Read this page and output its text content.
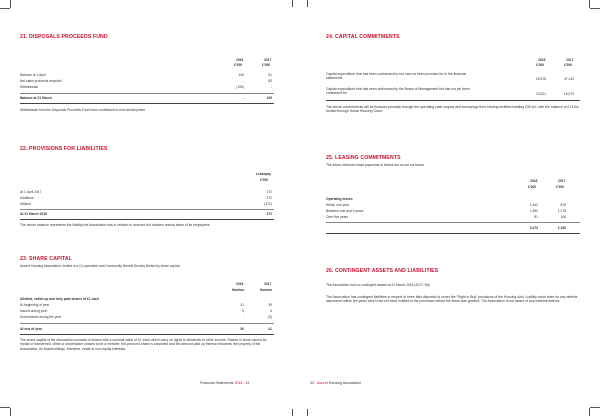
21. DISPOSALS PROCEEDS FUND
2018	2017
£'000	£'000
Balance at 1 April	106	81
Net sales proceeds recycled	-	83
Withdrawals	(106)	-
Balance at 31 March	-	106
Withdrawals from the Disposals Proceeds Fund have contributed to new development.
22. PROVISIONS FOR LIABILITIES
Leasepay
£'000
At 1 April 2017	372
Additions	372
Utilised	(372)
At 31 March 2018	372
The above balance represents the liability the Association has in relation to accrued but untaken annual leave of its employees.
23. SHARE CAPITAL
Ascent Housing Association Limited is a Co-operative and Community Benefit Society limited by share capital.
2018	2017
Number	Number
Allotted, called up and fully paid shares of £1 each
At beginning of year	41	39
Issued during year	9	5
Surrendered during the year	-	(3)
At end of year	50	41
The share capital of the Association consists of shares with a nominal value of £1 each which carry no rights to dividends or other income. Shares in issue cannot be repaid or transferred. When a shareholder ceases to be a member, this person's share is cancelled and the amount paid up thereon becomes the property of the Association. All shareholdings, therefore, relate to non-equity interests.
Financial Statements 2018 | 41
24. CAPITAL COMMITMENTS
2018	2017
£'000	£'000
Capital expenditure that has been contracted for but has not been provided for in the financial statements	29,578	47,143
Capital expenditure that has been authorised by the Board of Management but has not yet been contracted for	23,621	16,073
The above commitments will be financed primarily through the operating cash surplus and borrowings from existing facilities totalling £39.1m, with the balance of £13.6m funded through Social Housing Grant.
25. LEASING COMMITMENTS
The future minimum lease payments of leases are as set out below.
2018	2017
£'000	£'000
Operating leases
Within one year	1,442	876
Between one and 5 years	1,950	1,178
Over five years	81	106
3,473	2,160
26. CONTINGENT ASSETS AND LIABILITIES
The Association had no contingent assets at 31 March 2018 (2017: Nil).
The Association has contingent liabilities in respect of three flats disposed of under the "Right to Buy" provisions of the Housing Acts. Liability could arise for any defects discovered within ten years which had not been notified to the purchaser before the lease was granted. The Association is not aware of any material defects.
42 | Ascent Housing Association
